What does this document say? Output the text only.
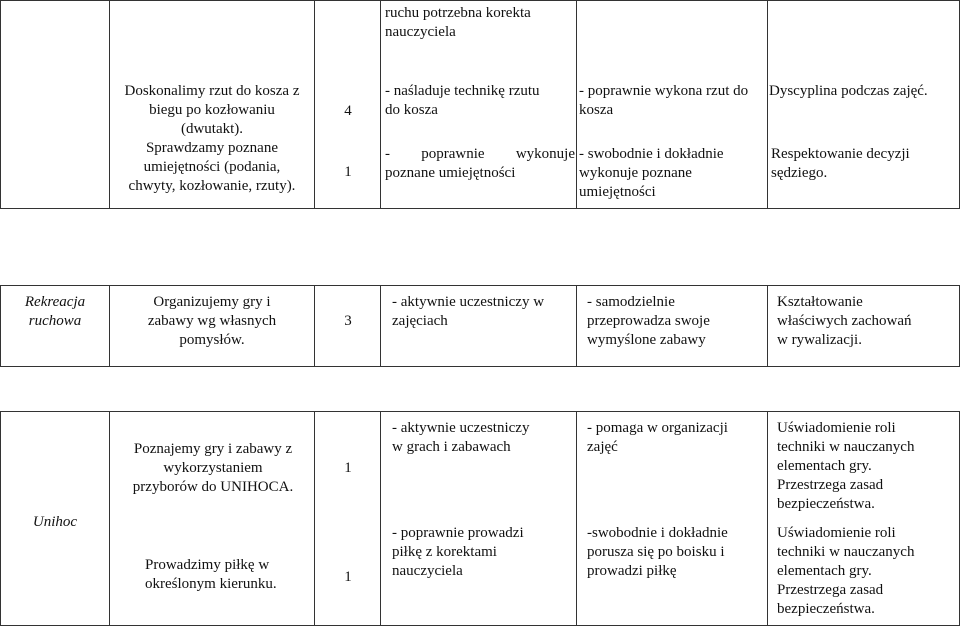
ruchu potrzebna korekta
nauczyciela
Doskonalimy rzut do kosza z
biegu po kozłowaniu
(dwutakt).
Sprawdzamy poznane
umiejętności (podania,
chwyty, kozłowanie, rzuty).
4
1
- naśladuje technikę rzutu
do kosza
- poprawnie wykonuje
poznane umiejętności
- poprawnie wykona rzut do
kosza
- swobodnie i dokładnie
wykonuje poznane
umiejętności
Dyscyplina podczas zajęć.
Respektowanie decyzji
sędziego.
Rekreacja
ruchowa
Organizujemy gry i
zabawy wg własnych
pomysłów.
3
- aktywnie uczestniczy w
zajęciach
- samodzielnie
przeprowadza swoje
wymyślone zabawy
Kształtowanie
właściwych zachowań
w rywalizacji.
Unihoc
Poznajemy gry i zabawy z
wykorzystaniem
przyborów do UNIHOCA.
Prowadzimy piłkę w
określonym kierunku.
1
1
- aktywnie uczestniczy
w grach i zabawach
- poprawnie prowadzi
piłkę z korektami
nauczyciela
- pomaga w organizacji
zajęć
-swobodnie i dokładnie
porusza się po boisku i
prowadzi piłkę
Uświadomienie roli
techniki w nauczanych
elementach gry.
Przestrzega zasad
bezpieczeństwa.
Uświadomienie roli
techniki w nauczanych
elementach gry.
Przestrzega zasad
bezpieczeństwa.
